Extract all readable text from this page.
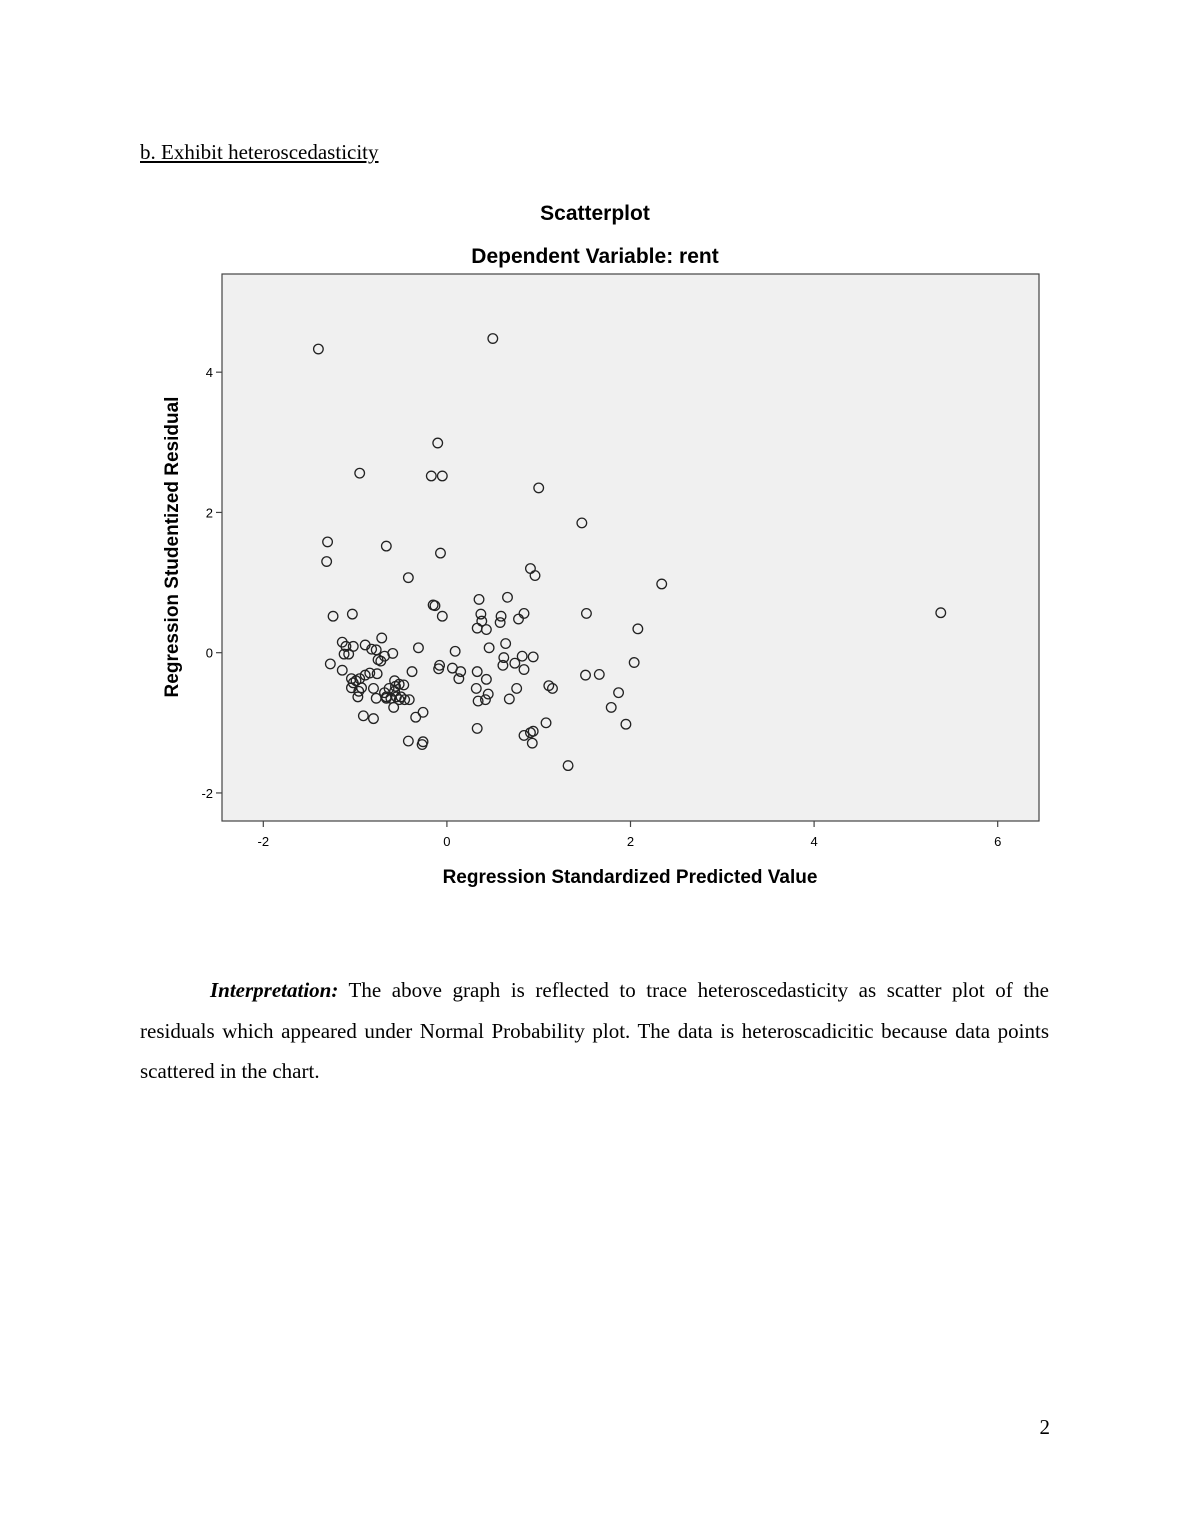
b. Exhibit heteroscedasticity
Scatterplot
Dependent Variable: rent
-2	0	2	4	6
-2
0
2
4
Regression Standardized Predicted Value
Regression Studentized Residual

Interpretation: The above graph is reflected to trace heteroscedasticity as scatter plot of the residuals which appeared under Normal Probability plot. The data is heteroscadicitic because data points scattered in the chart.

2
